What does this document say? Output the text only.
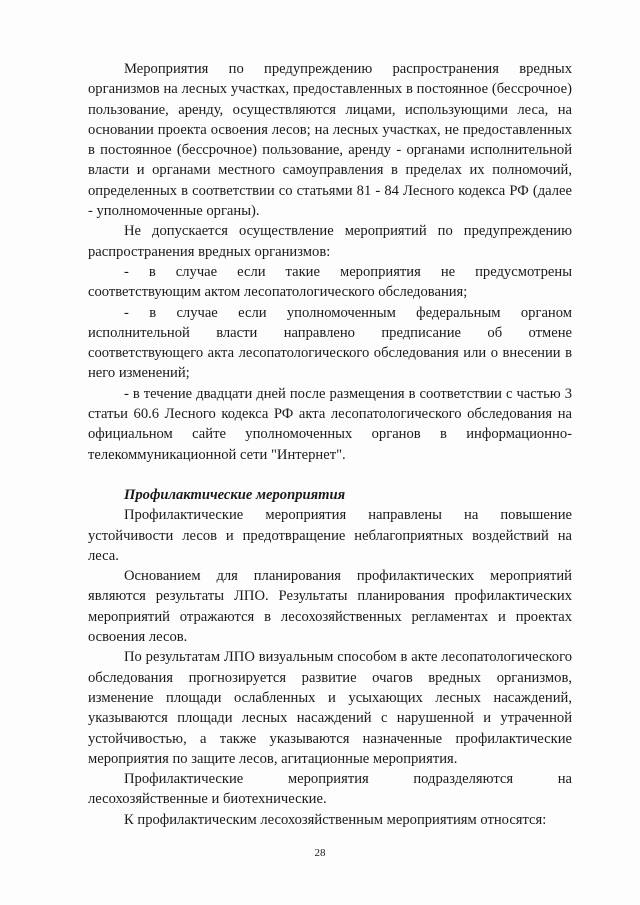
Мероприятия по предупреждению распространения вредных организмов на лесных участках, предоставленных в постоянное (бессрочное) пользование, аренду, осуществляются лицами, использующими леса, на основании проекта освоения лесов; на лесных участках, не предоставленных в постоянное (бессрочное) пользование, аренду - органами исполнительной власти и органами местного самоуправления в пределах их полномочий, определенных в соответствии со статьями 81 - 84 Лесного кодекса РФ (далее - уполномоченные органы).

Не допускается осуществление мероприятий по предупреждению распространения вредных организмов:

- в случае если такие мероприятия не предусмотрены соответствующим актом лесопатологического обследования;

- в случае если уполномоченным федеральным органом исполнительной власти направлено предписание об отмене соответствующего акта лесопатологического обследования или о внесении в него изменений;

- в течение двадцати дней после размещения в соответствии с частью 3 статьи 60.6 Лесного кодекса РФ акта лесопатологического обследования на официальном сайте уполномоченных органов в информационно-телекоммуникационной сети "Интернет".

Профилактические мероприятия

Профилактические мероприятия направлены на повышение устойчивости лесов и предотвращение неблагоприятных воздействий на леса.

Основанием для планирования профилактических мероприятий являются результаты ЛПО. Результаты планирования профилактических мероприятий отражаются в лесохозяйственных регламентах и проектах освоения лесов.

По результатам ЛПО визуальным способом в акте лесопатологического обследования прогнозируется развитие очагов вредных организмов, изменение площади ослабленных и усыхающих лесных насаждений, указываются площади лесных насаждений с нарушенной и утраченной устойчивостью, а также указываются назначенные профилактические мероприятия по защите лесов, агитационные мероприятия.

Профилактические мероприятия подразделяются на лесохозяйственные и биотехнические.

К профилактическим лесохозяйственным мероприятиям относятся:

28
